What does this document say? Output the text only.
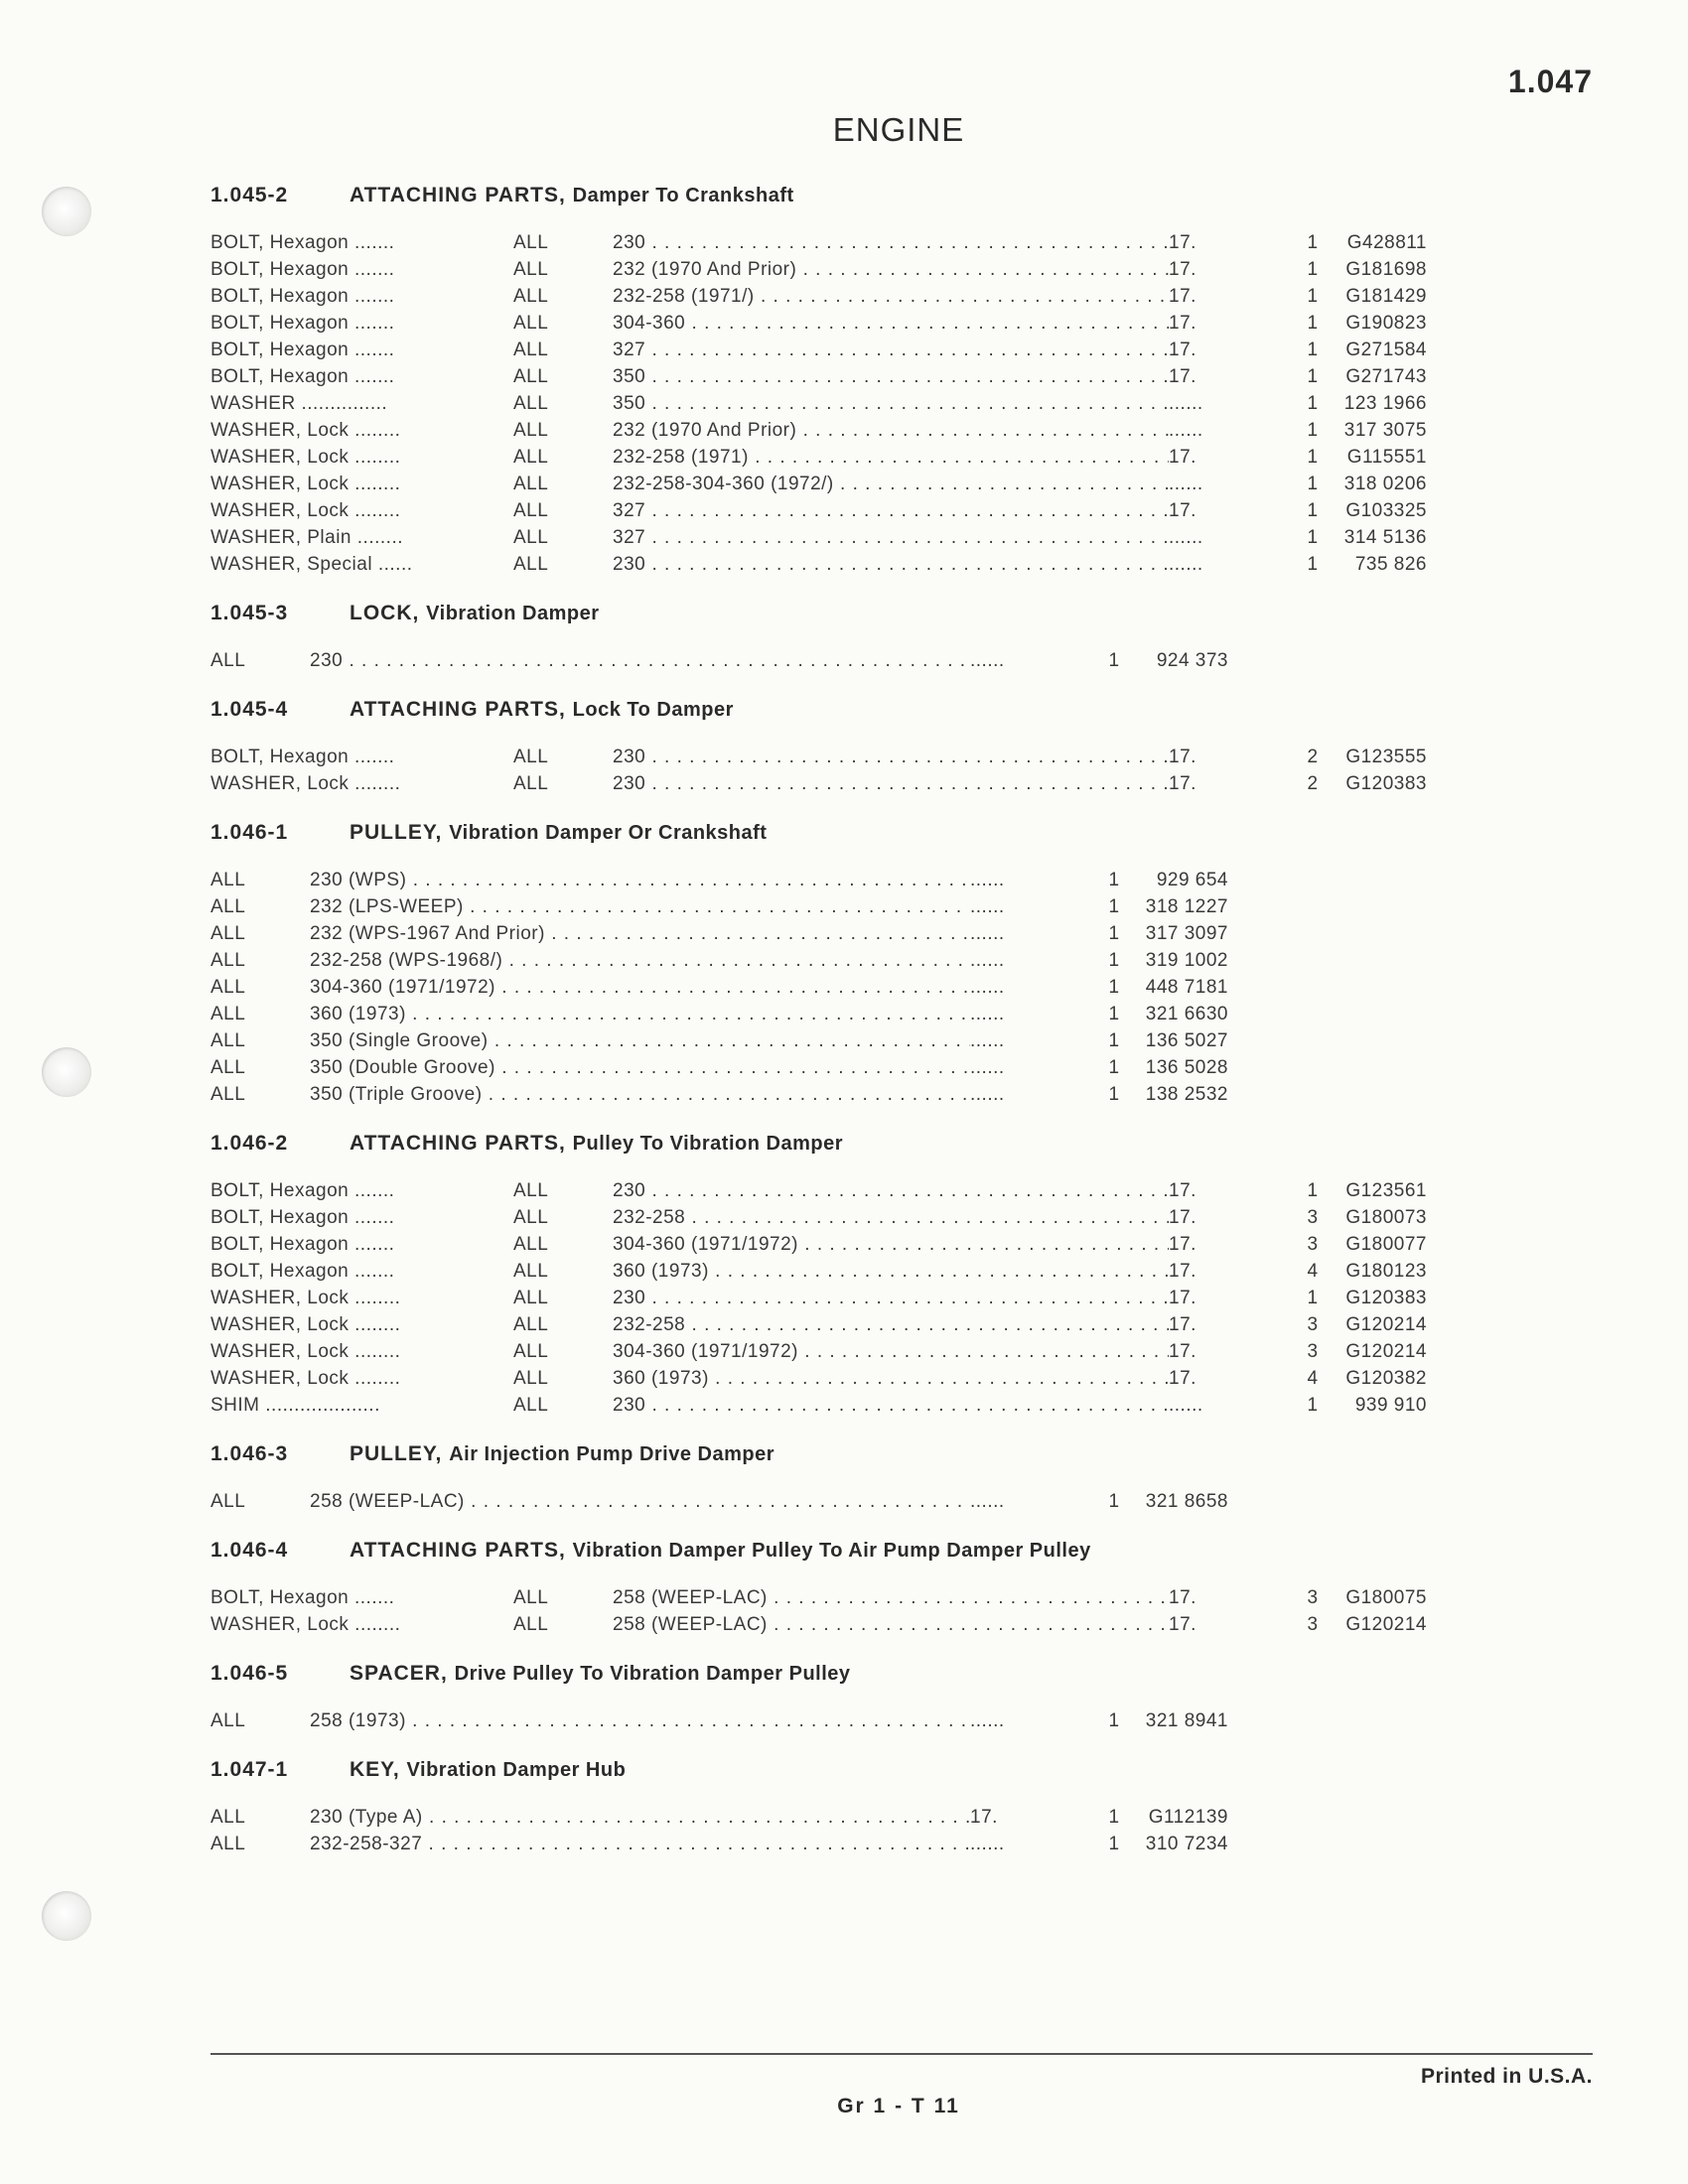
1.047
ENGINE
1.045-2	ATTACHING PARTS, Damper To Crankshaft
BOLT, Hexagon .......	ALL	230 . . .	17.	1	G428811
BOLT, Hexagon .......	ALL	232 (1970 And Prior) . . .	17.	1	G181698
BOLT, Hexagon .......	ALL	232-258 (1971/) . . .	17.	1	G181429
BOLT, Hexagon .......	ALL	304-360 . . .	17.	1	G190823
BOLT, Hexagon .......	ALL	327 . . .	17.	1	G271584
BOLT, Hexagon .......	ALL	350 . . .	17.	1	G271743
WASHER ...............	ALL	350 . . .	......	1	123 1966
WASHER, Lock ........	ALL	232 (1970 And Prior) . . .	......	1	317 3075
WASHER, Lock ........	ALL	232-258 (1971) . . .	17.	1	G115551
WASHER, Lock ........	ALL	232-258-304-360 (1972/) . . .	......	1	318 0206
WASHER, Lock ........	ALL	327 . . .	17.	1	G103325
WASHER, Plain ........	ALL	327 . . .	......	1	314 5136
WASHER, Special ......	ALL	230 . . .	......	1	735 826
1.045-3	LOCK, Vibration Damper
ALL	230 . . .	......	1	924 373
1.045-4	ATTACHING PARTS, Lock To Damper
BOLT, Hexagon .......	ALL	230 . . .	17.	2	G123555
WASHER, Lock ........	ALL	230 . . .	17.	2	G120383
1.046-1	PULLEY, Vibration Damper Or Crankshaft
ALL	230 (WPS) . . .	......	1	929 654
ALL	232 (LPS-WEEP) . . .	......	1	318 1227
ALL	232 (WPS-1967 And Prior) . . .	......	1	317 3097
ALL	232-258 (WPS-1968/) . . .	......	1	319 1002
ALL	304-360 (1971/1972) . . .	......	1	448 7181
ALL	360 (1973) . . .	......	1	321 6630
ALL	350 (Single Groove) . . .	......	1	136 5027
ALL	350 (Double Groove) . . .	......	1	136 5028
ALL	350 (Triple Groove) . . .	......	1	138 2532
1.046-2	ATTACHING PARTS, Pulley To Vibration Damper
BOLT, Hexagon .......	ALL	230 . . .	17.	1	G123561
BOLT, Hexagon .......	ALL	232-258 . . .	17.	3	G180073
BOLT, Hexagon .......	ALL	304-360 (1971/1972) . . .	17.	3	G180077
BOLT, Hexagon .......	ALL	360 (1973) . . .	17.	4	G180123
WASHER, Lock ........	ALL	230 . . .	17.	1	G120383
WASHER, Lock ........	ALL	232-258 . . .	17.	3	G120214
WASHER, Lock ........	ALL	304-360 (1971/1972) . . .	17.	3	G120214
WASHER, Lock ........	ALL	360 (1973) . . .	17.	4	G120382
SHIM ....................	ALL	230 . . .	......	1	939 910
1.046-3	PULLEY, Air Injection Pump Drive Damper
ALL	258 (WEEP-LAC) . . .	......	1	321 8658
1.046-4	ATTACHING PARTS, Vibration Damper Pulley To Air Pump Damper Pulley
BOLT, Hexagon .......	ALL	258 (WEEP-LAC) . . .	17.	3	G180075
WASHER, Lock ........	ALL	258 (WEEP-LAC) . . .	17.	3	G120214
1.046-5	SPACER, Drive Pulley To Vibration Damper Pulley
ALL	258 (1973) . . .	......	1	321 8941
1.047-1	KEY, Vibration Damper Hub
ALL	230 (Type A) . . .	17.	1	G112139
ALL	232-258-327 . . .	......	1	310 7234
Printed in U.S.A.
Gr 1 - T 11
